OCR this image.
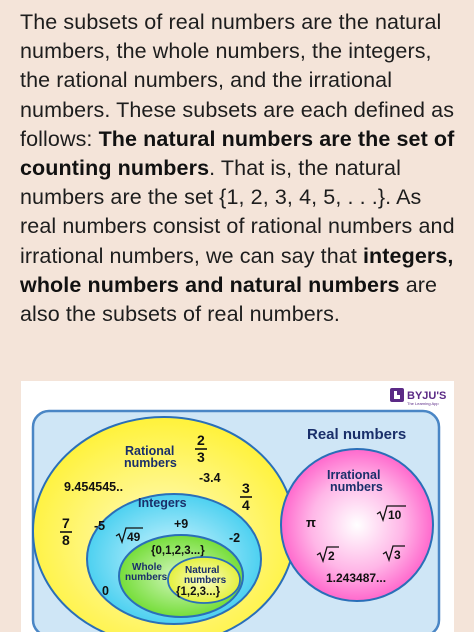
The subsets of real numbers are the natural numbers, the whole numbers, the integers, the rational numbers, and the irrational numbers. These subsets are each defined as follows: The natural numbers are the set of counting numbers. That is, the natural numbers are the set {1, 2, 3, 4, 5, . . .}. As real numbers consist of rational numbers and irrational numbers, we can say that integers, whole numbers and natural numbers are also the subsets of real numbers.
BYJU'S
The Learning App
Real numbers
Rational
numbers
2
3
-3.4
9.454545..	3
4
7
8
Integers
+9
-5
49	-2
0
{0,1,2,3...}
Whole
numbers
Natural
numbers
{1,2,3...}
Irrational
numbers
π	10
2	3
1.243487...
